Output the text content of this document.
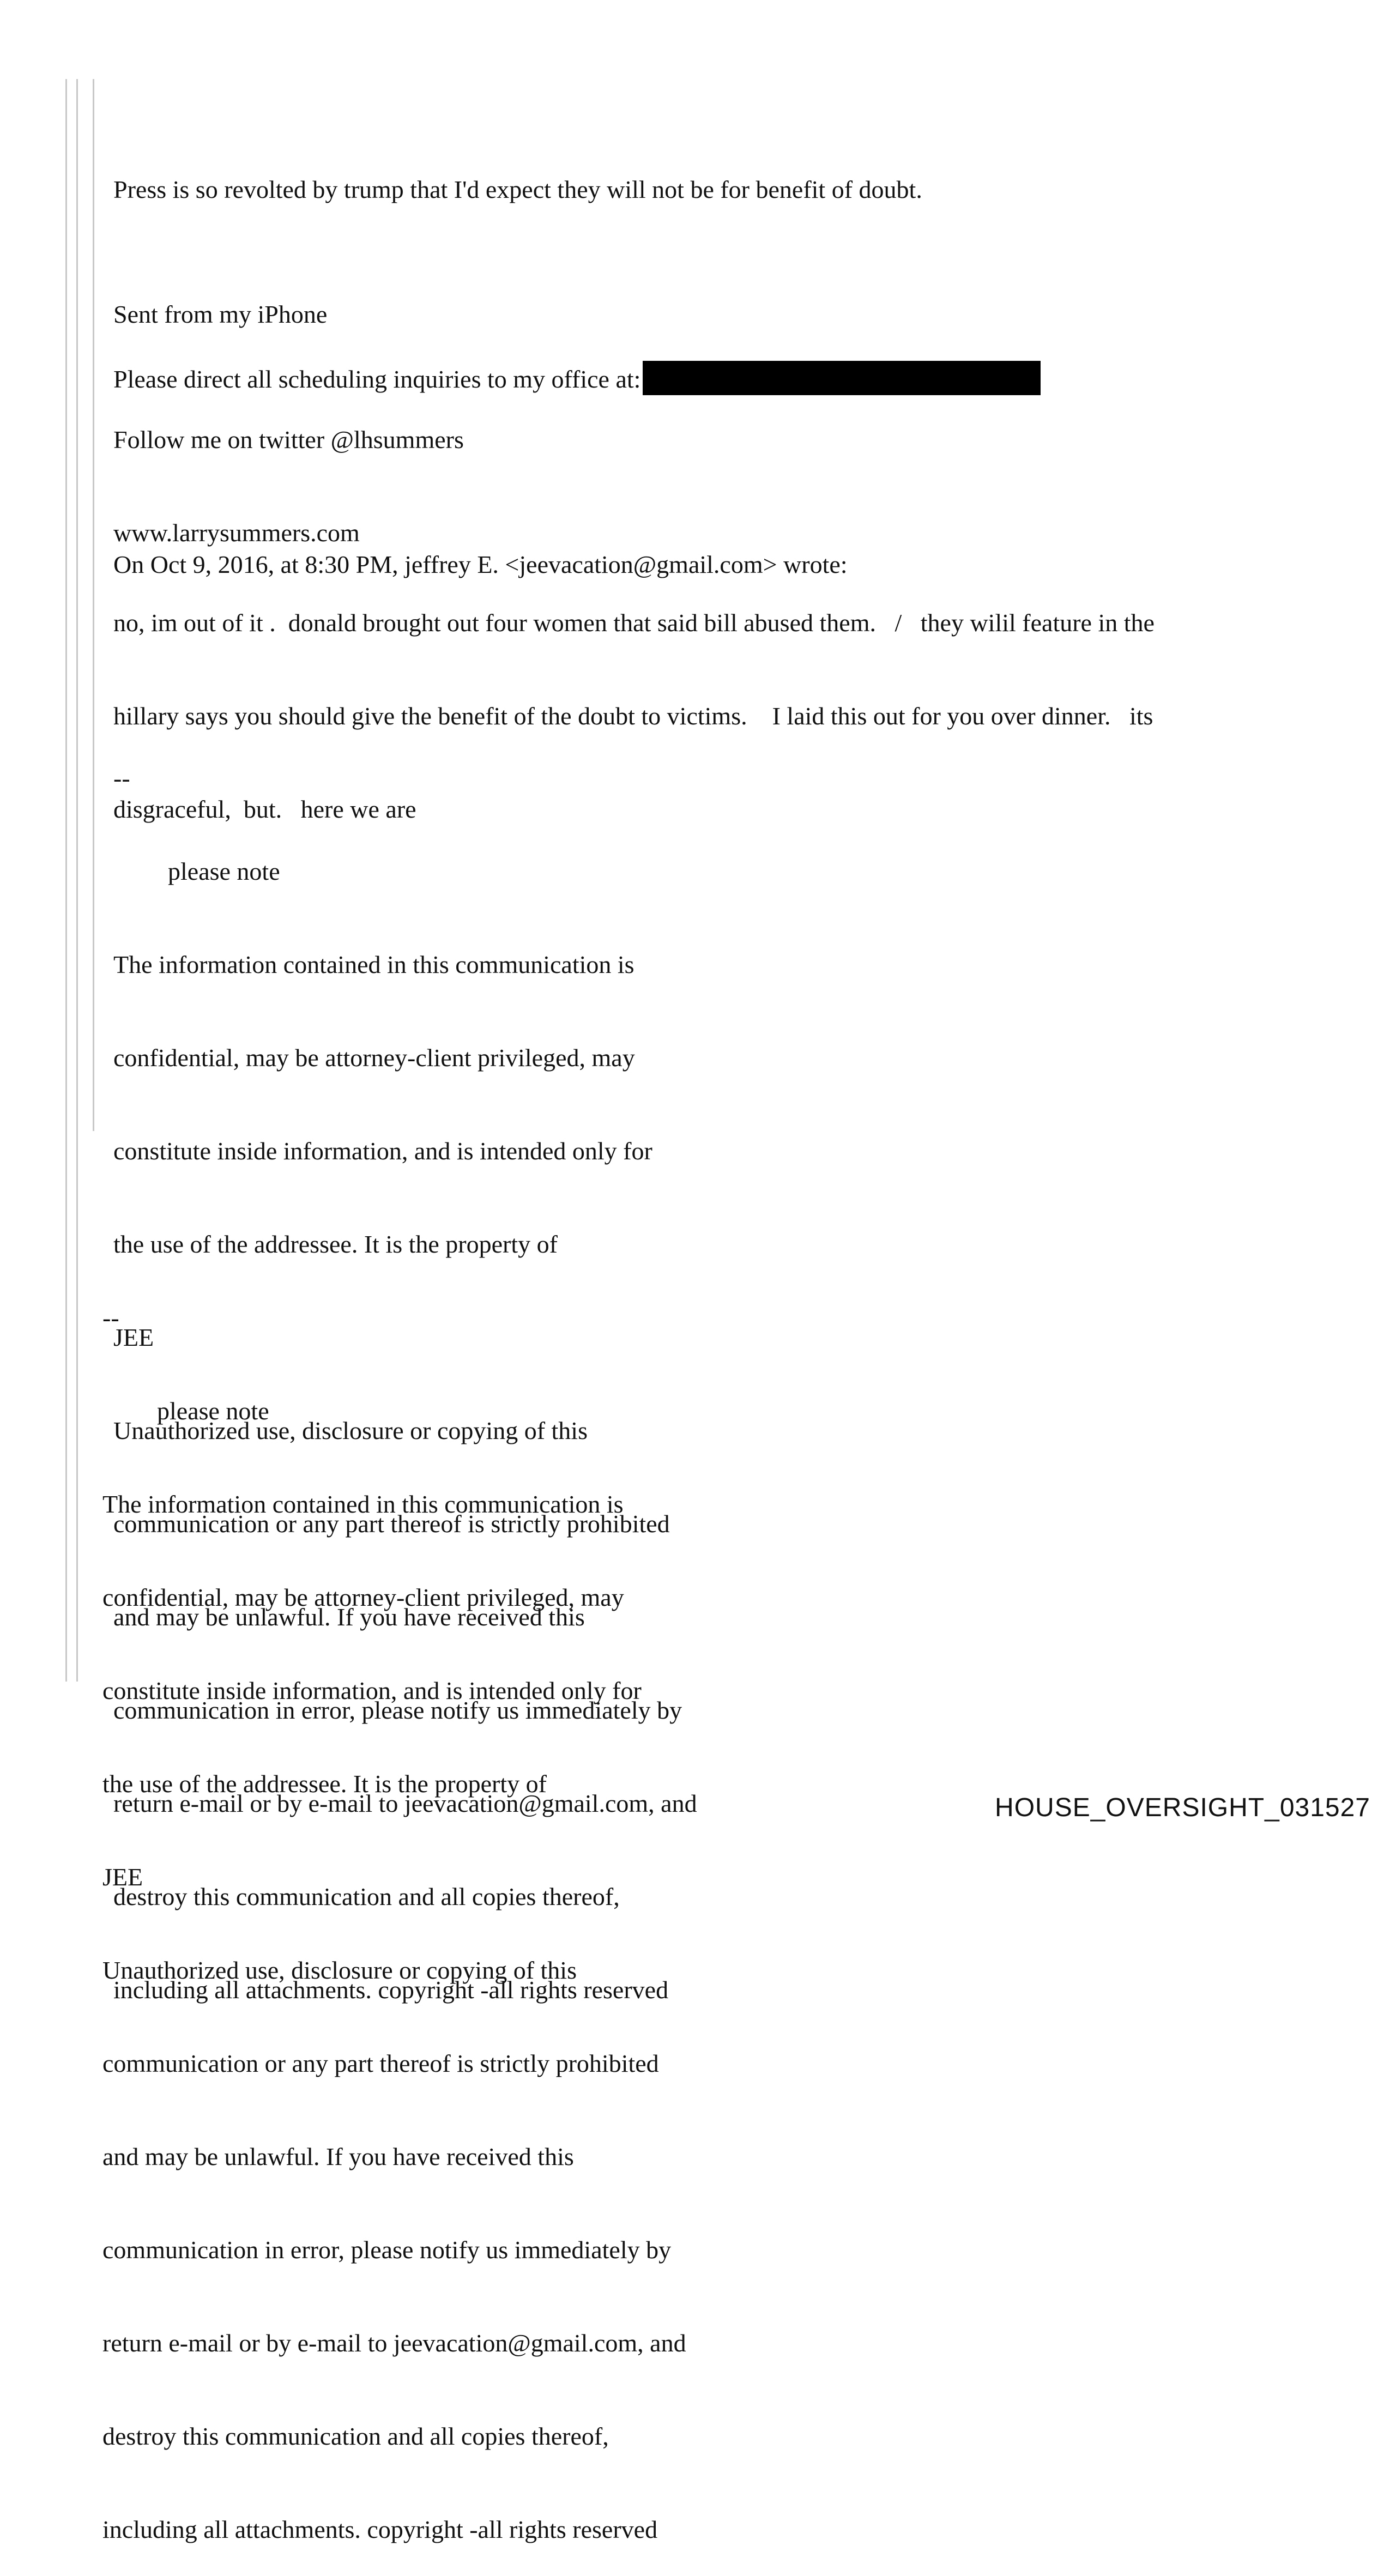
Press is so revolted by trump that I'd expect they will not be for benefit of doubt.

Sent from my iPhone

Please direct all scheduling inquiries to my office at:

Follow me on twitter @lhsummers

www.larrysummers.com

On Oct 9, 2016, at 8:30 PM, jeffrey E. <jeevacation@gmail.com> wrote:

no, im out of it .  donald brought out four women that said bill abused them.   /   they wilil feature in the

hillary says you should give the benefit of the doubt to victims.    I laid this out for you over dinner.   its

disgraceful,  but.   here we are

--

please note

The information contained in this communication is

confidential, may be attorney-client privileged, may

constitute inside information, and is intended only for

the use of the addressee. It is the property of

JEE

Unauthorized use, disclosure or copying of this

communication or any part thereof is strictly prohibited

and may be unlawful. If you have received this

communication in error, please notify us immediately by

return e-mail or by e-mail to jeevacation@gmail.com, and

destroy this communication and all copies thereof,

including all attachments. copyright -all rights reserved

--

please note

The information contained in this communication is

confidential, may be attorney-client privileged, may

constitute inside information, and is intended only for

the use of the addressee. It is the property of

JEE

Unauthorized use, disclosure or copying of this

communication or any part thereof is strictly prohibited

and may be unlawful. If you have received this

communication in error, please notify us immediately by

return e-mail or by e-mail to jeevacation@gmail.com, and

destroy this communication and all copies thereof,

including all attachments. copyright -all rights reserved

HOUSE_OVERSIGHT_031527
